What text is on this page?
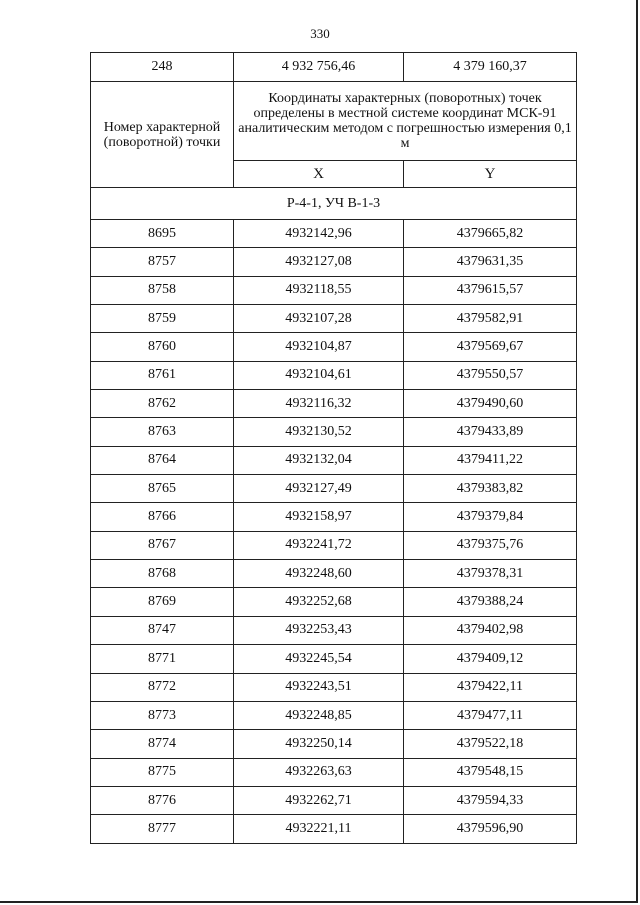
330
248	4 932 756,46	4 379 160,37
Номер характерной (поворотной) точки	Координаты характерных (поворотных) точек определены в местной системе координат МСК-91 аналитическим методом с погрешностью измерения 0,1 м	
	X	Y
Р-4-1, УЧ В-1-3		
8695	4932142,96	4379665,82
8757	4932127,08	4379631,35
8758	4932118,55	4379615,57
8759	4932107,28	4379582,91
8760	4932104,87	4379569,67
8761	4932104,61	4379550,57
8762	4932116,32	4379490,60
8763	4932130,52	4379433,89
8764	4932132,04	4379411,22
8765	4932127,49	4379383,82
8766	4932158,97	4379379,84
8767	4932241,72	4379375,76
8768	4932248,60	4379378,31
8769	4932252,68	4379388,24
8747	4932253,43	4379402,98
8771	4932245,54	4379409,12
8772	4932243,51	4379422,11
8773	4932248,85	4379477,11
8774	4932250,14	4379522,18
8775	4932263,63	4379548,15
8776	4932262,71	4379594,33
8777	4932221,11	4379596,90
